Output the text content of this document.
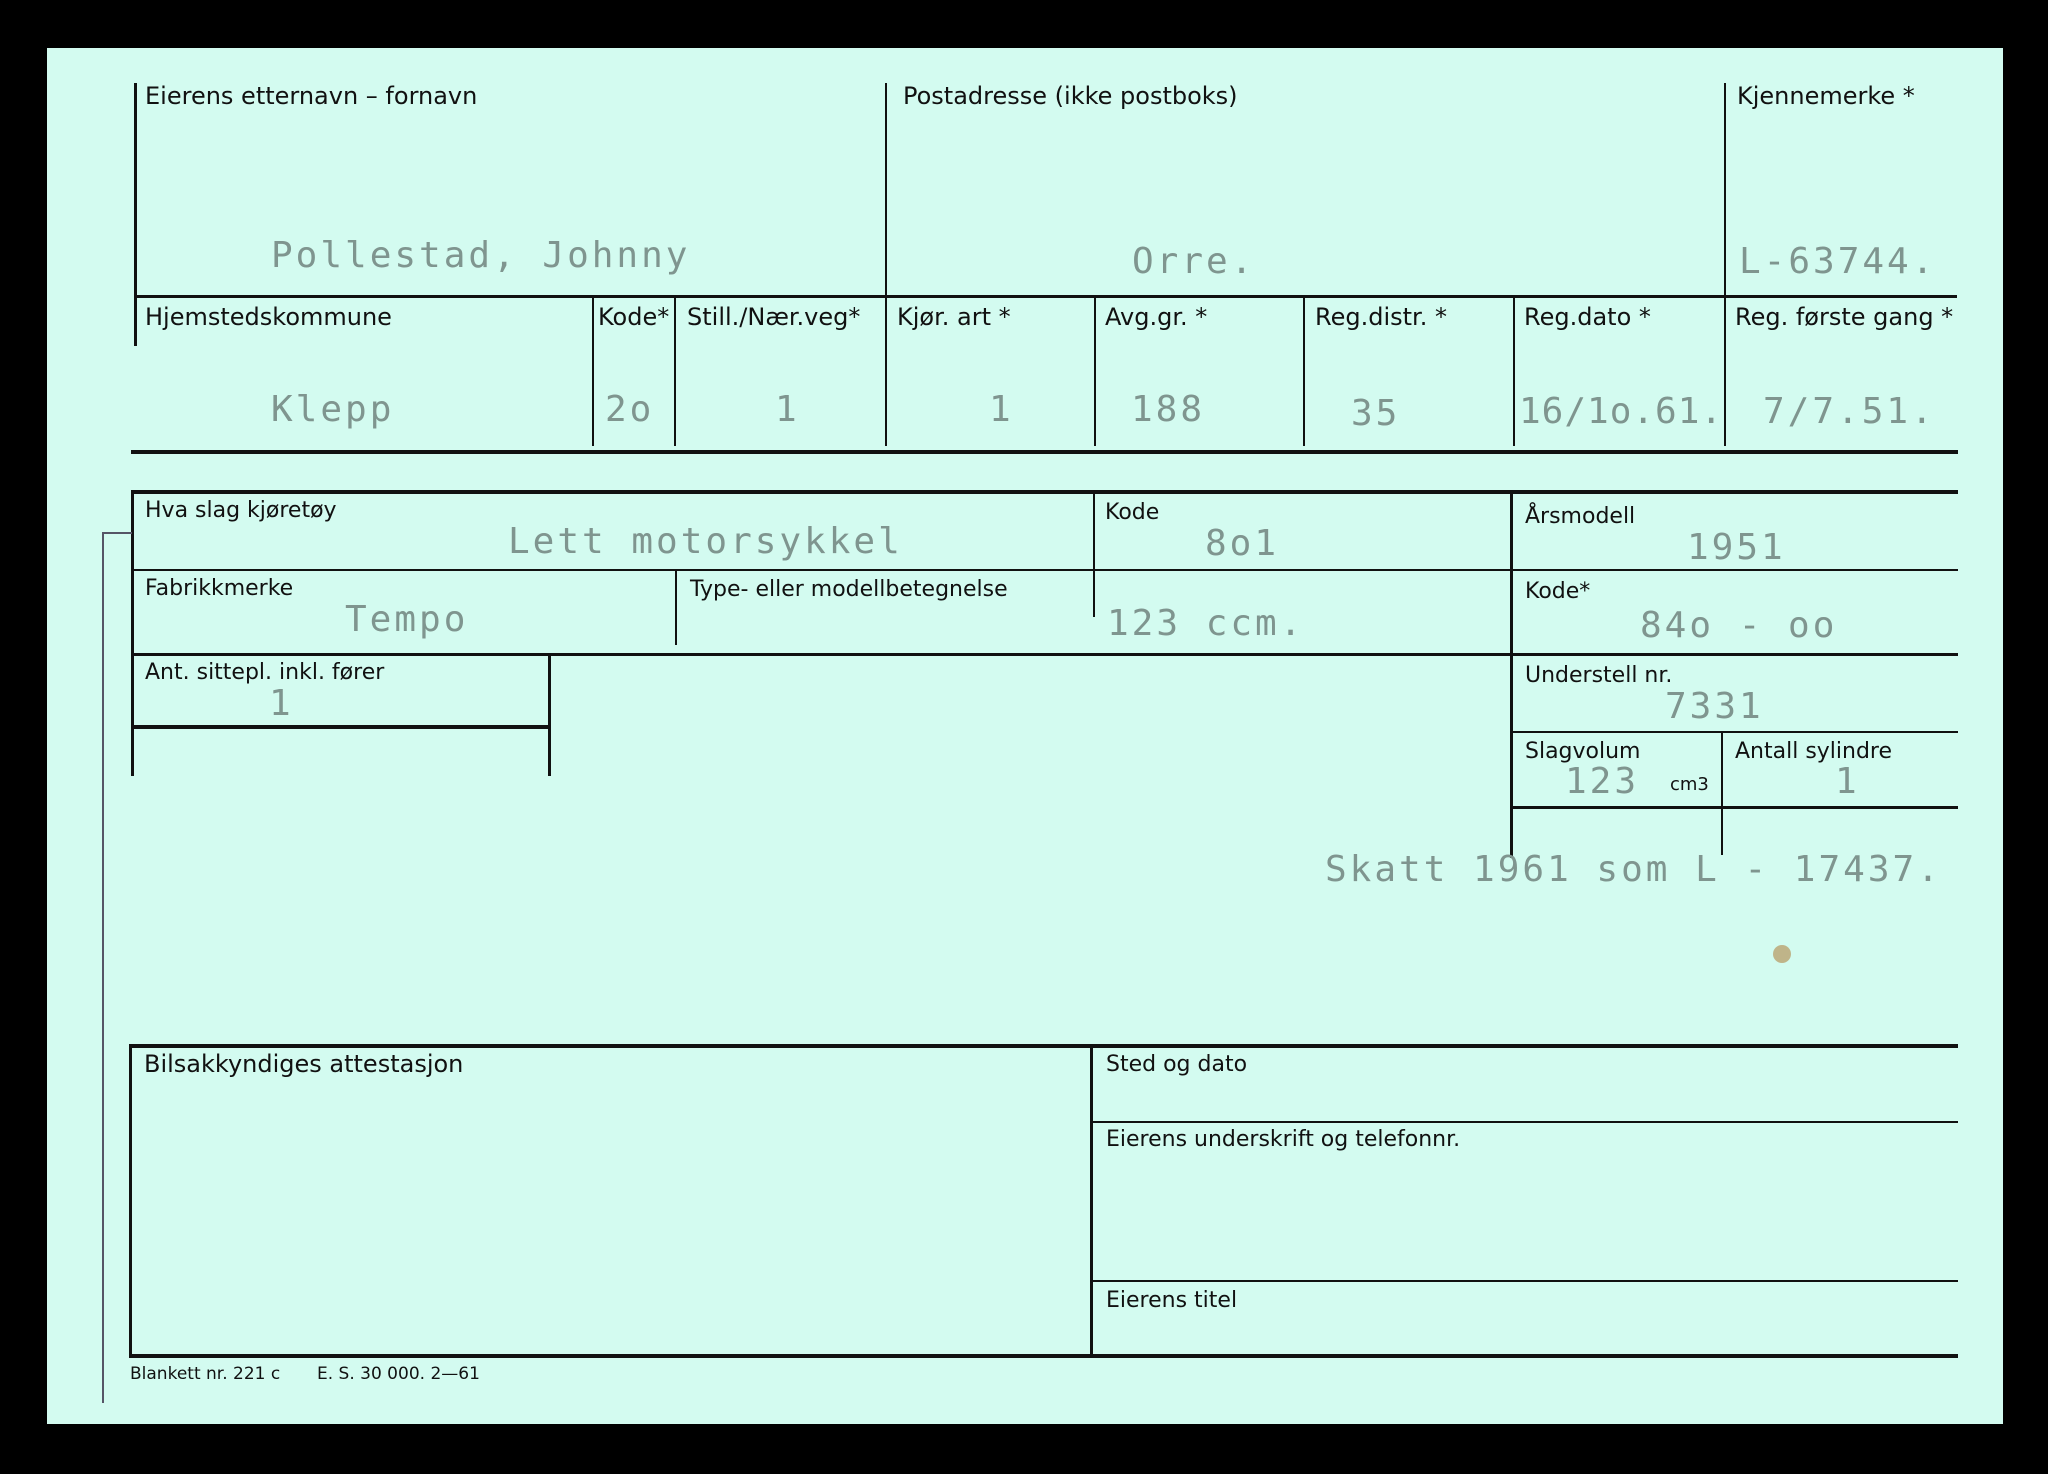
Eierens etternavn – fornavn
Pollestad, Johnny
Postadresse (ikke postboks)
Orre.
Kjennemerke *
L-63744.
Hjemstedskommune
Klepp
Kode*
2o
Still./Nær.veg*
1
Kjør. art *
1
Avg.gr. *
188
Reg.distr. *
35
Reg.dato *
16/1o.61.
Reg. første gang *
7/7.51.
Hva slag kjøretøy
Lett motorsykkel
Kode
8o1
Årsmodell
1951
Fabrikkmerke
Tempo
Type- eller modellbetegnelse
123 ccm.
Kode*
84o - oo
Ant. sittepl. inkl. fører
1
Understell nr.
7331
Slagvolum
123 cm3
Antall sylindre
1
Skatt 1961 som L - 17437.
Bilsakkyndiges attestasjon	Sted og dato
Eierens underskrift og telefonnr.
Eierens titel
Blankett nr. 221 c E. S. 30 000. 2—61
